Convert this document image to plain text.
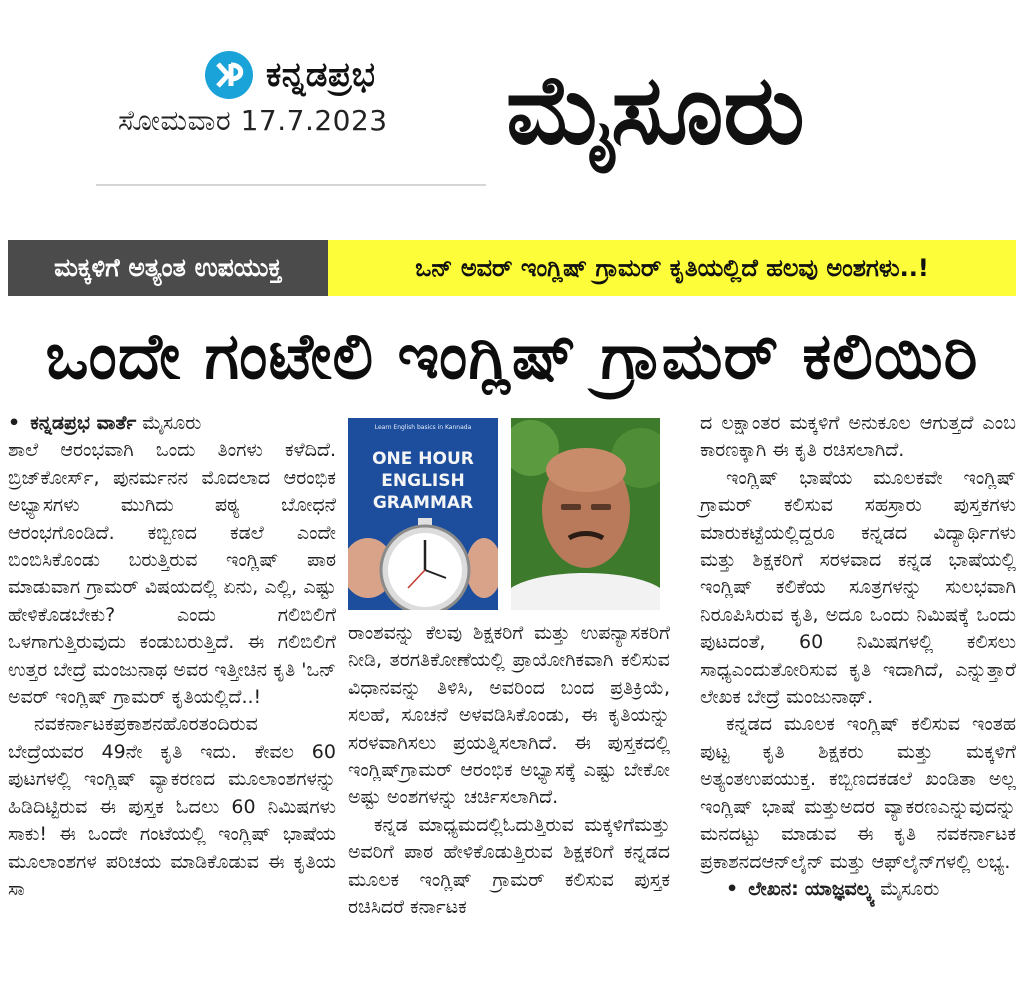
ಕನ್ನಡಪ್ರಭ
ಸೋಮವಾರ 17.7.2023 ಮೈಸೂರು
ಮಕ್ಕಳಿಗೆ ಅತ್ಯಂತ ಉಪಯುಕ್ತ	ಒನ್ ಅವರ್ ಇಂಗ್ಲಿಷ್ ಗ್ರಾಮರ್ ಕೃತಿಯಲ್ಲಿದೆ ಹಲವು ಅಂಶಗಳು..!
ಒಂದೇ ಗಂಟೇಲಿ ಇಂಗ್ಲಿಷ್ ಗ್ರಾಮರ್ ಕಲಿಯಿರಿ

• ಕನ್ನಡಪ್ರಭ ವಾರ್ತೆ ಮೈಸೂರು

ಶಾಲೆ ಆರಂಭವಾಗಿ ಒಂದು ತಿಂಗಳು ಕಳೆದಿದೆ. ಬ್ರಿಜ್‌ಕೋರ್ಸ್, ಪುನರ್ಮನನ ಮೊದಲಾದ ಆರಂಭಿಕ ಅಭ್ಯಾಸಗಳು ಮುಗಿದು ಪಠ್ಯ ಬೋಧನೆ ಆರಂಭಗೊಂಡಿದೆ. ಕಬ್ಬಿಣದ ಕಡಲೆ ಎಂದೇ ಬಿಂಬಿಸಿಕೊಂಡು ಬರುತ್ತಿರುವ ಇಂಗ್ಲಿಷ್ ಪಾಠ ಮಾಡುವಾಗ ಗ್ರಾಮರ್ ವಿಷಯದಲ್ಲಿ ಏನು, ಎಲ್ಲಿ, ಎಷ್ಟು ಹೇಳಿಕೊಡಬೇಕು? ಎಂದು ಗಲಿಬಿಲಿಗೆ ಒಳಗಾಗುತ್ತಿರುವುದು ಕಂಡುಬರುತ್ತಿದೆ. ಈ ಗಲಿಬಿಲಿಗೆ ಉತ್ತರ ಬೇದ್ರೆ ಮಂಜುನಾಥ ಅವರ ಇತ್ತೀಚಿನ ಕೃತಿ 'ಒನ್ ಅವರ್ ಇಂಗ್ಲಿಷ್ ಗ್ರಾಮರ್ ಕೃತಿಯಲ್ಲಿದೆ..!

ನವಕರ್ನಾಟಕಪ್ರಕಾಶನಹೊರತಂದಿರುವ ಬೇದ್ರೆಯವರ 49ನೇ ಕೃತಿ ಇದು. ಕೇವಲ 60 ಪುಟಗಳಲ್ಲಿ ಇಂಗ್ಲಿಷ್ ವ್ಯಾಕರಣದ ಮೂಲಾಂಶಗಳನ್ನು ಹಿಡಿದಿಟ್ಟಿರುವ ಈ ಪುಸ್ತಕ ಓದಲು 60 ನಿಮಿಷಗಳು ಸಾಕು! ಈ ಒಂದೇ ಗಂಟೆಯಲ್ಲಿ ಇಂಗ್ಲಿಷ್ ಭಾಷೆಯ ಮೂಲಾಂಶಗಳ ಪರಿಚಯ ಮಾಡಿಕೊಡುವ ಈ ಕೃತಿಯ ಸಾ

Learn English basics in Kannada
ONE HOUR ENGLISH GRAMMAR

ರಾಂಶವನ್ನು ಕೆಲವು ಶಿಕ್ಷಕರಿಗೆ ಮತ್ತು ಉಪನ್ಯಾಸಕರಿಗೆ ನೀಡಿ, ತರಗತಿಕೋಣೆಯಲ್ಲಿ ಪ್ರಾಯೋಗಿಕವಾಗಿ ಕಲಿಸುವ ವಿಧಾನವನ್ನು ತಿಳಿಸಿ, ಅವರಿಂದ ಬಂದ ಪ್ರತಿಕ್ರಿಯೆ, ಸಲಹೆ, ಸೂಚನೆ ಅಳವಡಿಸಿಕೊಂಡು, ಈ ಕೃತಿಯನ್ನು ಸರಳವಾಗಿಸಲು ಪ್ರಯತ್ನಿಸಲಾಗಿದೆ. ಈ ಪುಸ್ತಕದಲ್ಲಿ ಇಂಗ್ಲಿಷ್‌ಗ್ರಾಮರ್ ಆರಂಭಿಕ ಅಭ್ಯಾಸಕ್ಕೆ ಎಷ್ಟು ಬೇಕೋ ಅಷ್ಟು ಅಂಶಗಳನ್ನು ಚರ್ಚಿಸಲಾಗಿದೆ.

ಕನ್ನಡ ಮಾಧ್ಯಮದಲ್ಲಿಓದುತ್ತಿರುವ ಮಕ್ಕಳಿಗೆಮತ್ತು ಅವರಿಗೆ ಪಾಠ ಹೇಳಿಕೊಡುತ್ತಿರುವ ಶಿಕ್ಷಕರಿಗೆ ಕನ್ನಡದ ಮೂಲಕ ಇಂಗ್ಲಿಷ್ ಗ್ರಾಮರ್ ಕಲಿಸುವ ಪುಸ್ತಕ ರಚಿಸಿದರೆ ಕರ್ನಾಟಕ

ದ ಲಕ್ಷಾಂತರ ಮಕ್ಕಳಿಗೆ ಅನುಕೂಲ ಆಗುತ್ತದೆ ಎಂಬ ಕಾರಣಕ್ಕಾಗಿ ಈ ಕೃತಿ ರಚಿಸಲಾಗಿದೆ.

ಇಂಗ್ಲಿಷ್ ಭಾಷೆಯ ಮೂಲಕವೇ ಇಂಗ್ಲಿಷ್ ಗ್ರಾಮರ್ ಕಲಿಸುವ ಸಹಸ್ರಾರು ಪುಸ್ತಕಗಳು ಮಾರುಕಟ್ಟೆಯಲ್ಲಿದ್ದರೂ ಕನ್ನಡದ ವಿದ್ಯಾರ್ಥಿಗಳು ಮತ್ತು ಶಿಕ್ಷಕರಿಗೆ ಸರಳವಾದ ಕನ್ನಡ ಭಾಷೆಯಲ್ಲಿ ಇಂಗ್ಲಿಷ್ ಕಲಿಕೆಯ ಸೂತ್ರಗಳನ್ನು ಸುಲಭವಾಗಿ ನಿರೂಪಿಸಿರುವ ಕೃತಿ, ಅದೂ ಒಂದು ನಿಮಿಷಕ್ಕೆ ಒಂದು ಪುಟದಂತೆ, 60 ನಿಮಿಷಗಳಲ್ಲಿ ಕಲಿಸಲು ಸಾಧ್ಯಎಂದುತೋರಿಸುವ ಕೃತಿ ಇದಾಗಿದೆ, ಎನ್ನುತ್ತಾರೆ ಲೇಖಕ ಬೇದ್ರೆ ಮಂಜುನಾಥ್.

ಕನ್ನಡದ ಮೂಲಕ ಇಂಗ್ಲಿಷ್ ಕಲಿಸುವ ಇಂತಹ ಪುಟ್ಟ ಕೃತಿ ಶಿಕ್ಷಕರು ಮತ್ತು ಮಕ್ಕಳಿಗೆ ಅತ್ಯಂತಉಪಯುಕ್ತ. ಕಬ್ಬಿಣದಕಡಲೆ ಖಂಡಿತಾ ಅಲ್ಲ ಇಂಗ್ಲಿಷ್ ಭಾಷೆ ಮತ್ತುಅದರ ವ್ಯಾಕರಣಎನ್ನುವುದನ್ನು ಮನದಟ್ಟು ಮಾಡುವ ಈ ಕೃತಿ ನವಕರ್ನಾಟಕ ಪ್ರಕಾಶನದಆನ್‌ಲೈನ್ ಮತ್ತು ಆಫ್‌ಲೈನ್‌ಗಳಲ್ಲಿ ಲಭ್ಯ.

• ಲೇಖನ: ಯಾಜ್ಞವಲ್ಕ್ಯ ಮೈಸೂರು
